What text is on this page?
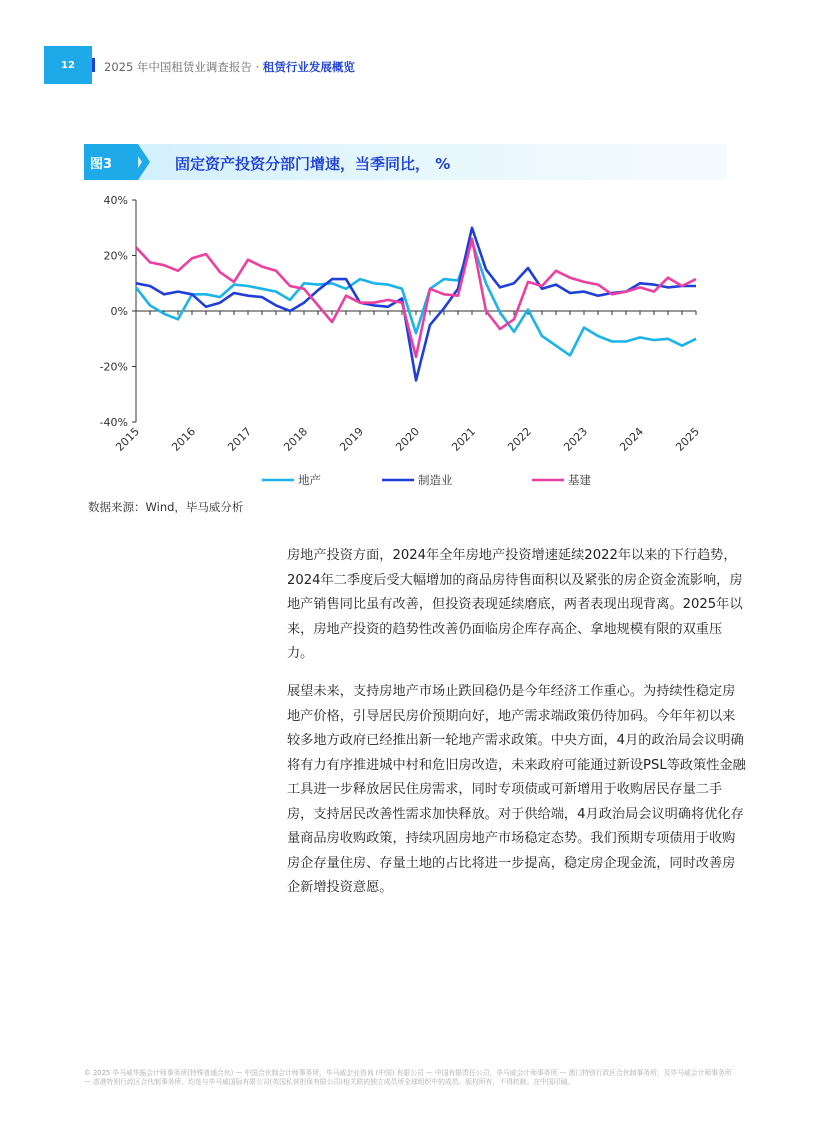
12	2025 年中国租赁业调查报告 · 租赁行业发展概览
图3	固定资产投资分部门增速，当季同比， %
40%
20%
0%
-20%
-40%
2015 2016 2017 2018 2019 2020 2021 2022 2023 2024 2025
地产	制造业	基建
数据来源：Wind，毕马威分析

房地产投资方面，2024年全年房地产投资增速延续2022年以来的下行趋势，2024年二季度后受大幅增加的商品房待售面积以及紧张的房企资金流影响，房地产销售同比虽有改善，但投资表现延续磨底，两者表现出现背离。2025年以来，房地产投资的趋势性改善仍面临房企库存高企、拿地规模有限的双重压力。

展望未来，支持房地产市场止跌回稳仍是今年经济工作重心。为持续性稳定房地产价格，引导居民房价预期向好，地产需求端政策仍待加码。今年年初以来较多地方政府已经推出新一轮地产需求政策。中央方面，4月的政治局会议明确将有力有序推进城中村和危旧房改造，未来政府可能通过新设PSL等政策性金融工具进一步释放居民住房需求，同时专项债或可新增用于收购居民存量二手房，支持居民改善性需求加快释放。对于供给端，4月政治局会议明确将优化存量商品房收购政策，持续巩固房地产市场稳定态势。我们预期专项债用于收购房企存量住房、存量土地的占比将进一步提高，稳定房企现金流，同时改善房企新增投资意愿。

© 2025 毕马威华振会计师事务所(特殊普通合伙) — 中国合伙制会计师事务所，毕马威企业咨询 (中国) 有限公司 — 中国有限责任公司，毕马威会计师事务所 — 澳门特别行政区合伙制事务所，及毕马威会计师事务所 — 香港特别行政区合伙制事务所，均是与毕马威国际有限公司(英国私营担保有限公司)相关联的独立成员所全球组织中的成员。版权所有，不得转载。在中国印刷。
